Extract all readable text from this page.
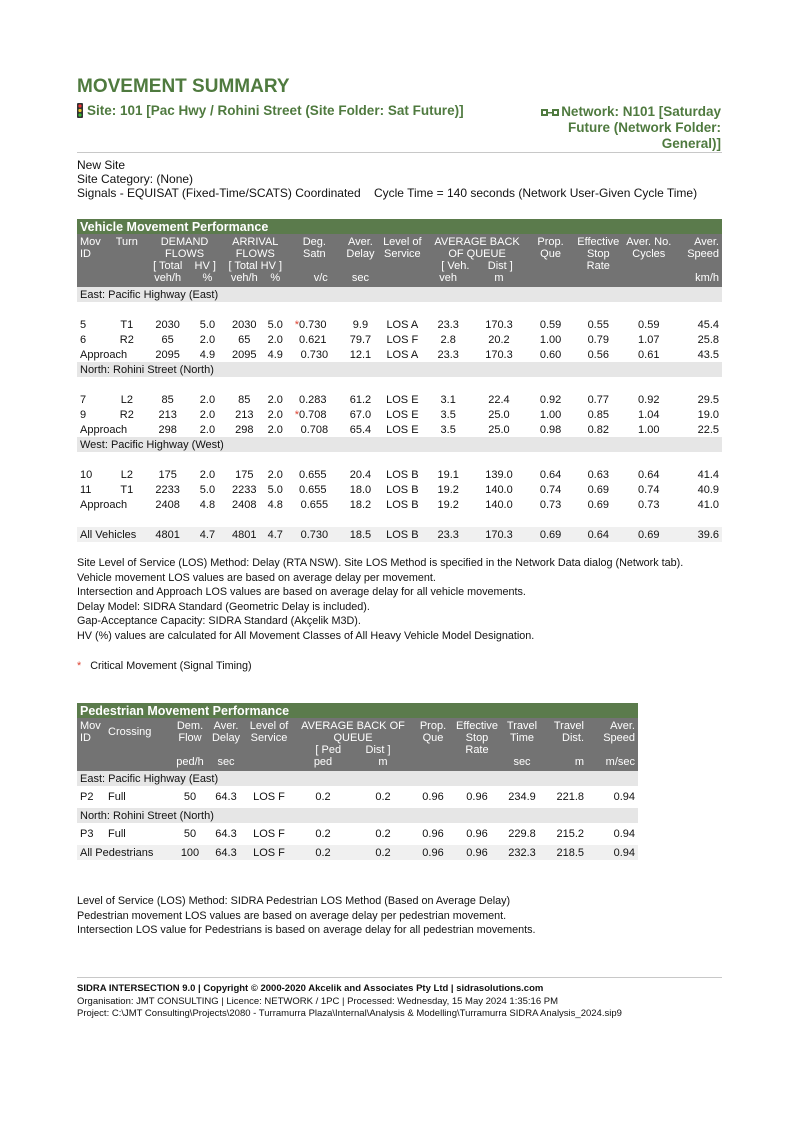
MOVEMENT SUMMARY
Site: 101 [Pac Hwy / Rohini Street (Site Folder: Sat Future)]	Network: N101 [Saturday Future (Network Folder: General)]
New Site
Site Category: (None)
Signals - EQUISAT (Fixed-Time/SCATS) Coordinated    Cycle Time = 140 seconds (Network User-Given Cycle Time)
Vehicle Movement Performance															
Mov
ID	Turn	DEMAND
FLOWS
[ Total HV ]		ARRIVAL
FLOWS
[ Total HV ]		Deg.
Satn		Aver.
Delay	Level of
Service	AVERAGE BACK
OF QUEUE
[ Veh. Dist ]		Prop.
Que	Effective
Stop
Rate	Aver. No.
Cycles	Aver.
Speed
		veh/h	%	veh/h	%		v/c	sec		veh	m				km/h
East: Pacific Highway (East)															

5	T1	2030	5.0	2030	5.0	*	0.730	9.9	LOS A	23.3	170.3	0.59	0.55	0.59	45.4
6	R2	65	2.0	65	2.0		0.621	79.7	LOS F	2.8	20.2	1.00	0.79	1.07	25.8
Approach		2095	4.9	2095	4.9	0.730		12.1	LOS A	23.3	170.3	0.60	0.56	0.61	43.5
North: Rohini Street (North)															

7	L2	85	2.0	85	2.0		0.283	61.2	LOS E	3.1	22.4	0.92	0.77	0.92	29.5
9	R2	213	2.0	213	2.0	*	0.708	67.0	LOS E	3.5	25.0	1.00	0.85	1.04	19.0
Approach		298	2.0	298	2.0	0.708		65.4	LOS E	3.5	25.0	0.98	0.82	1.00	22.5
West: Pacific Highway (West)															

10	L2	175	2.0	175	2.0		0.655	20.4	LOS B	19.1	139.0	0.64	0.63	0.64	41.4
11	T1	2233	5.0	2233	5.0		0.655	18.0	LOS B	19.2	140.0	0.74	0.69	0.74	40.9
Approach		2408	4.8	2408	4.8	0.655		18.2	LOS B	19.2	140.0	0.73	0.69	0.73	41.0

All Vehicles		4801	4.7	4801	4.7	0.730		18.5	LOS B	23.3	170.3	0.69	0.64	0.69	39.6
Site Level of Service (LOS) Method: Delay (RTA NSW). Site LOS Method is specified in the Network Data dialog (Network tab).
Vehicle movement LOS values are based on average delay per movement.
Intersection and Approach LOS values are based on average delay for all vehicle movements.
Delay Model: SIDRA Standard (Geometric Delay is included).
Gap-Acceptance Capacity: SIDRA Standard (Akçelik M3D).
HV (%) values are calculated for All Movement Classes of All Heavy Vehicle Model Designation.
* Critical Movement (Signal Timing)
Pedestrian Movement Performance											
Mov
ID	Crossing	Dem.
Flow	Aver.
Delay	Level of
Service	AVERAGE BACK OF
QUEUE
[ Ped Dist ]		Prop.
Que	Effective
Stop
Rate	Travel
Time	Travel
Dist.	Aver.
Speed
		ped/h	sec		ped	m			sec	m	m/sec
East: Pacific Highway (East)											
P2	Full	50	64.3	LOS F	0.2	0.2	0.96	0.96	234.9	221.8	0.94
North: Rohini Street (North)											
P3	Full	50	64.3	LOS F	0.2	0.2	0.96	0.96	229.8	215.2	0.94
All Pedestrians		100	64.3	LOS F	0.2	0.2	0.96	0.96	232.3	218.5	0.94
Level of Service (LOS) Method: SIDRA Pedestrian LOS Method (Based on Average Delay)
Pedestrian movement LOS values are based on average delay per pedestrian movement.
Intersection LOS value for Pedestrians is based on average delay for all pedestrian movements.
SIDRA INTERSECTION 9.0 | Copyright © 2000-2020 Akcelik and Associates Pty Ltd | sidrasolutions.com
Organisation: JMT CONSULTING | Licence: NETWORK / 1PC | Processed: Wednesday, 15 May 2024 1:35:16 PM
Project: C:\JMT Consulting\Projects\2080 - Turramurra Plaza\Internal\Analysis & Modelling\Turramurra SIDRA Analysis_2024.sip9
